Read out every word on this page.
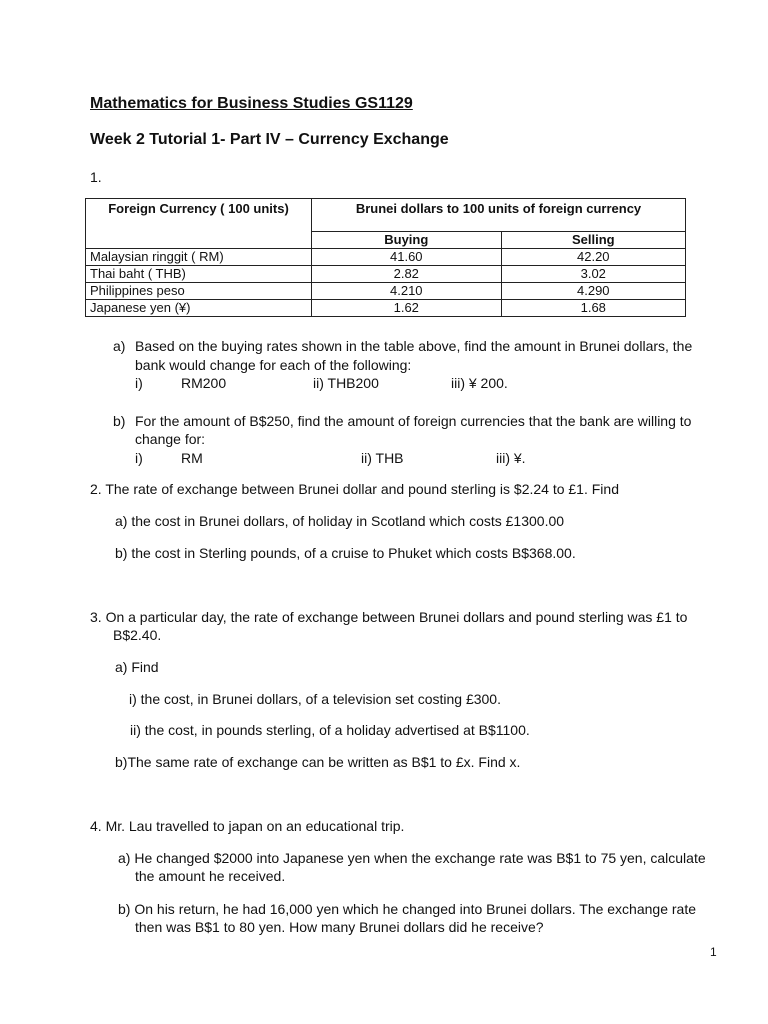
Mathematics for Business Studies GS1129
Week 2 Tutorial 1- Part IV – Currency Exchange
1.
Foreign Currency ( 100 units)	Brunei dollars to 100 units of foreign currency	
	Buying	Selling
Malaysian ringgit ( RM)	41.60	42.20
Thai baht ( THB)	2.82	3.02
Philippines peso	4.210	4.290
Japanese yen (¥)	1.62	1.68
a) Based on the buying rates shown in the table above, find the amount in Brunei dollars, the
bank would change for each of the following:
i)	RM200	ii) THB200	iii) ¥ 200.
b) For the amount of B$250, find the amount of foreign currencies that the bank are willing to
change for:
i)	RM	ii) THB	iii) ¥.
2. The rate of exchange between Brunei dollar and pound sterling is $2.24 to £1. Find
a) the cost in Brunei dollars, of holiday in Scotland which costs £1300.00
b) the cost in Sterling pounds, of a cruise to Phuket which costs B$368.00.
3. On a particular day, the rate of exchange between Brunei dollars and pound sterling was £1 to
B$2.40.
a) Find
i) the cost, in Brunei dollars, of a television set costing £300.
ii) the cost, in pounds sterling, of a holiday advertised at B$1100.
b)The same rate of exchange can be written as B$1 to £x. Find x.
4. Mr. Lau travelled to japan on an educational trip.
a) He changed $2000 into Japanese yen when the exchange rate was B$1 to 75 yen, calculate
the amount he received.
b) On his return, he had 16,000 yen which he changed into Brunei dollars. The exchange rate
then was B$1 to 80 yen. How many Brunei dollars did he receive?
1
